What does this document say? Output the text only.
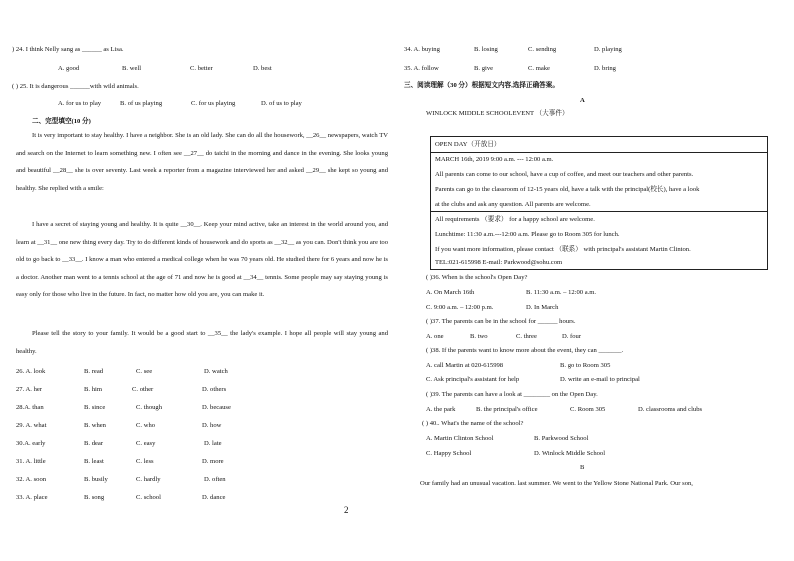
) 24. I think Nelly sang as ______ as Lisa.
A. good	B. well	C. better	D. best
( ) 25. It is dangerous ______with wild animals.
A. for us to play	B. of us playing	C. for us playing	D. of us to play
二、完型填空(10 分)
It is very important to stay healthy. I have a neighbor. She is an old lady. She can do all the housework, __26__ newspapers, watch TV and search on the Internet to learn something new. I often see __27__ do taichi in the morning and dance in the evening. She looks young and beautiful __28__ she is over seventy. Last week a reporter from a magazine interviewed her and asked __29__ she kept so young and healthy. She replied with a smile:
I have a secret of staying young and healthy. It is quite __30__. Keep your mind active, take an interest in the world around you, and learn at __31__ one new thing every day. Try to do different kinds of housework and do sports as __32__ as you can. Don't think you are too old to go back to __33__. I know a man who entered a medical college when he was 70 years old. He studied there for 6 years and now he is a doctor. Another man went to a tennis school at the age of 71 and now he is good at __34__ tennis. Some people may say staying young is easy only for those who live in the future. In fact, no matter how old you are, you can make it.
Please tell the story to your family. It would be a good start to __35__ the lady's example. I hope all people will stay young and healthy.
26. A. look	B. read	C. see	D. watch
27. A. her	B. him	C. other	D. others
28.A. than	B. since	C. though	D. because
29. A. what	B. when	C. who	D. how
30.A. early	B. dear	C. easy	D. late
31. A. little	B. least	C. less	D. more
32. A. soon	B. busily	C. hardly	D. often
33. A. place	B. song	C. school	D. dance
2
34. A. buying	B. losing	C. sending	D. playing
35. A. follow	B. give	C. make	D. bring
三、阅读理解（30 分）根据短文内容,选择正确答案。
A
WINLOCK MIDDLE SCHOOLEVENT （大事件）
OPEN DAY（开放日）
MARCH 16th, 2019 9:00 a.m. --- 12:00 a.m.
All parents can come to our school, have a cup of coffee, and meet our teachers and other parents.
Parents can go to the classroom of 12-15 years old, have a talk with the principal(校长), have a look
at the clubs and ask any question. All parents are welcome.
All requirements （要求） for a happy school are welcome.
Lunchtime: 11:30 a.m.---12:00 a.m. Please go to Room 305 for lunch.
If you want more information, please contact （联系） with principal's assistant Martin Clinton.
TEL:021-615998 E-mail: Parkwood@sohu.com
( )36. When is the school's Open Day?
A. On March 16th	B. 11:30 a.m. – 12:00 a.m.
C. 9:00 a.m. – 12:00 p.m.	D. In March
( )37. The parents can be in the school for ______ hours.
A. one	B. two	C. three	D. four
( )38. If the parents want to know more about the event, they can _______.
A. call Martin at 020-615998	B. go to Room 305
C. Ask principal's assistant for help	D. write an e-mail to principal
( )39. The parents can have a look at ________ on the Open Day.
A. the park	B. the principal's office	C. Room 305	D. classrooms and clubs
( ) 40.. What's the name of the school?
A. Martin Clinton School	B. Parkwood School
C. Happy School	D. Winlock Middle School
B
Our family had an unusual vacation. last summer. We went to the Yellow Stone National Park. Our son,
